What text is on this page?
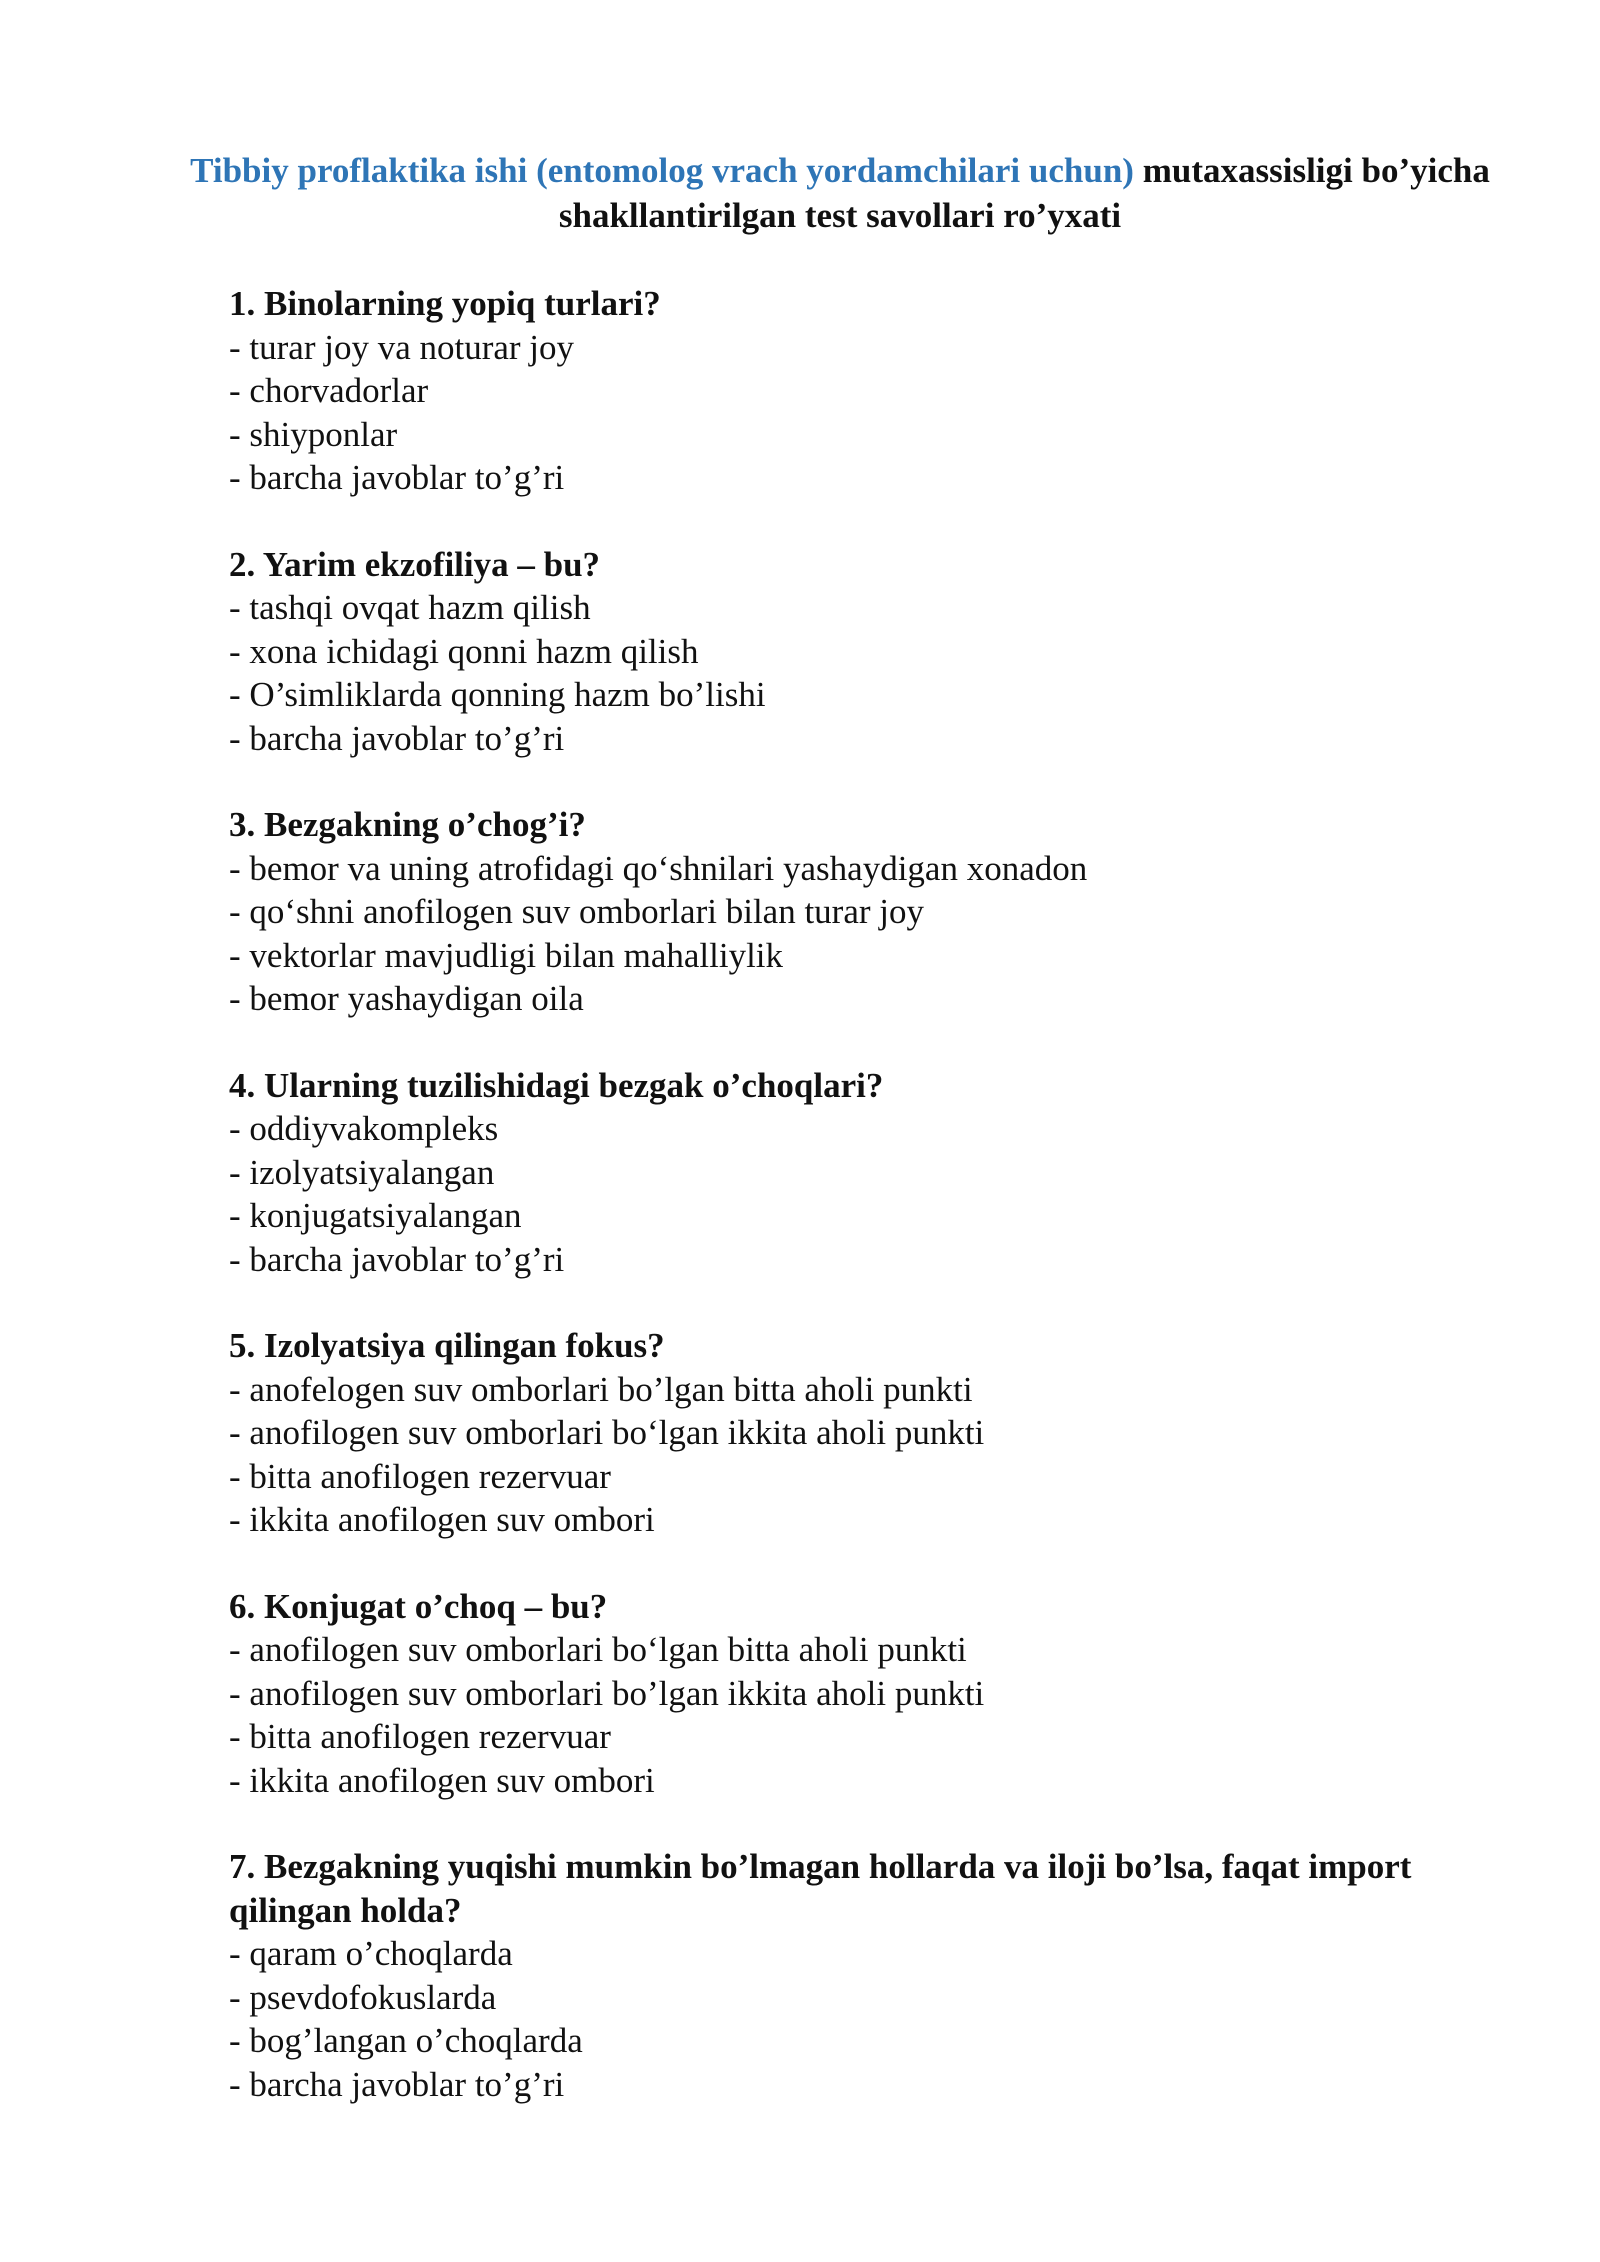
Tibbiy proflaktika ishi (entomolog vrach yordamchilari uchun) mutaxassisligi bo’yicha shakllantirilgan test savollari ro’yxati

1. Binolarning yopiq turlari?

- turar joy va noturar joy
- chorvadorlar
- shiyponlar
- barcha javoblar to’g’ri

2. Yarim ekzofiliya – bu?

- tashqi ovqat hazm qilish
- xona ichidagi qonni hazm qilish
- O’simliklarda qonning hazm bo’lishi
- barcha javoblar to’g’ri

3. Bezgakning o’chog’i?

- bemor va uning atrofidagi qo‘shnilari yashaydigan xonadon
- qo‘shni anofilogen suv omborlari bilan turar joy
- vektorlar mavjudligi bilan mahalliylik
- bemor yashaydigan oila

4. Ularning tuzilishidagi bezgak o’choqlari?

- oddiyvakompleks
- izolyatsiyalangan
- konjugatsiyalangan
- barcha javoblar to’g’ri

5. Izolyatsiya qilingan fokus?

- anofelogen suv omborlari bo’lgan bitta aholi punkti
- anofilogen suv omborlari bo‘lgan ikkita aholi punkti
- bitta anofilogen rezervuar
- ikkita anofilogen suv ombori

6. Konjugat o’choq – bu?

- anofilogen suv omborlari bo‘lgan bitta aholi punkti
- anofilogen suv omborlari bo’lgan ikkita aholi punkti
- bitta anofilogen rezervuar
- ikkita anofilogen suv ombori

7. Bezgakning yuqishi mumkin bo’lmagan hollarda va iloji bo’lsa, faqat import qilingan holda?

- qaram o’choqlarda
- psevdofokuslarda
- bog’langan o’choqlarda
- barcha javoblar to’g’ri
